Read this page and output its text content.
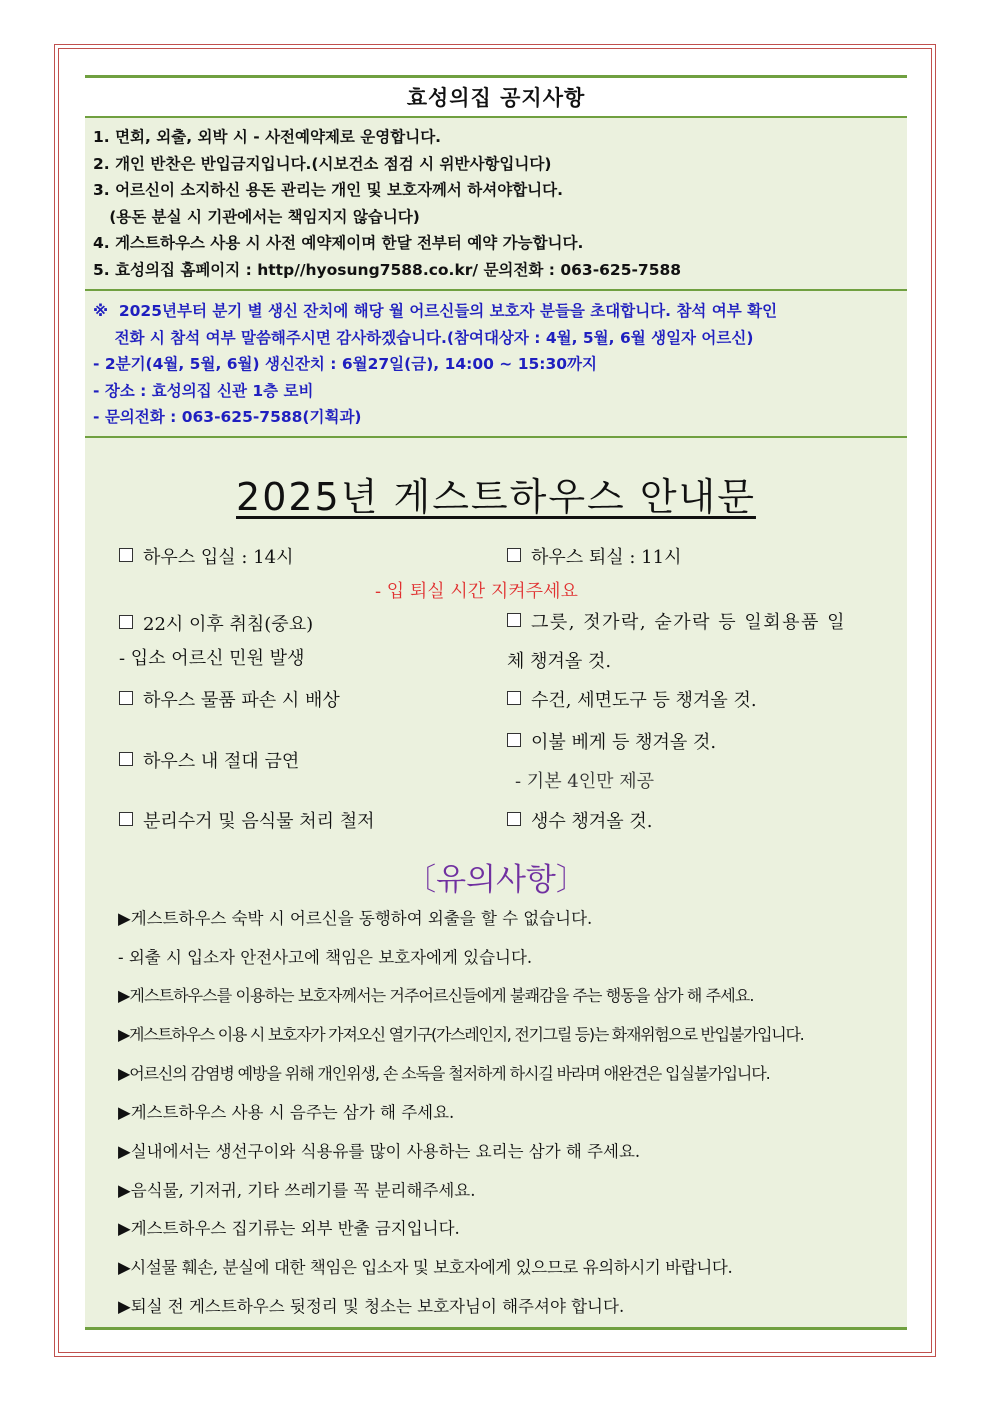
효성의집 공지사항
1. 면회, 외출, 외박 시 - 사전예약제로 운영합니다.
2. 개인 반찬은 반입금지입니다.(시보건소 점검 시 위반사항입니다)
3. 어르신이 소지하신 용돈 관리는 개인 및 보호자께서 하셔야합니다.
(용돈 분실 시 기관에서는 책임지지 않습니다)
4. 게스트하우스 사용 시 사전 예약제이며 한달 전부터 예약 가능합니다.
5. 효성의집 홈페이지 : http//hyosung7588.co.kr/ 문의전화 : 063-625-7588
※  2025년부터 분기 별 생신 잔치에 해당 월 어르신들의 보호자 분들을 초대합니다. 참석 여부 확인
전화 시 참석 여부 말씀해주시면 감사하겠습니다.(참여대상자 : 4월, 5월, 6월 생일자 어르신)
- 2분기(4월, 5월, 6월) 생신잔치 : 6월27일(금), 14:00 ~ 15:30까지
- 장소 : 효성의집 신관 1층 로비
- 문의전화 : 063-625-7588(기획과)
2025년 게스트하우스 안내문
하우스 입실 : 14시	하우스 퇴실 : 11시
- 입 퇴실 시간 지켜주세요
22시 이후 취침(중요)
- 입소 어르신 민원 발생
하우스 물품 파손 시 배상
하우스 내 절대 금연
분리수거 및 음식물 처리 철저
그릇, 젓가락, 숟가락 등 일회용품 일
체 챙겨올 것.
수건, 세면도구 등 챙겨올 것.
이불 베게 등 챙겨올 것.
- 기본 4인만 제공
생수 챙겨올 것.
〔유의사항〕
▶게스트하우스 숙박 시 어르신을 동행하여 외출을 할 수 없습니다.
- 외출 시 입소자 안전사고에 책임은 보호자에게 있습니다.
▶게스트하우스를 이용하는 보호자께서는 거주어르신들에게 불쾌감을 주는 행동을 삼가 해 주세요.
▶게스트하우스 이용 시 보호자가 가져오신 열기구(가스레인지, 전기그릴 등)는 화재위험으로 반입불가입니다.
▶어르신의 감염병 예방을 위해 개인위생, 손 소독을 철저하게 하시길 바라며 애완견은 입실불가입니다.
▶게스트하우스 사용 시 음주는 삼가 해 주세요.
▶실내에서는 생선구이와 식용유를 많이 사용하는 요리는 삼가 해 주세요.
▶음식물, 기저귀, 기타 쓰레기를 꼭 분리해주세요.
▶게스트하우스 집기류는 외부 반출 금지입니다.
▶시설물 훼손, 분실에 대한 책임은 입소자 및 보호자에게 있으므로 유의하시기 바랍니다.
▶퇴실 전 게스트하우스 뒷정리 및 청소는 보호자님이 해주셔야 합니다.
